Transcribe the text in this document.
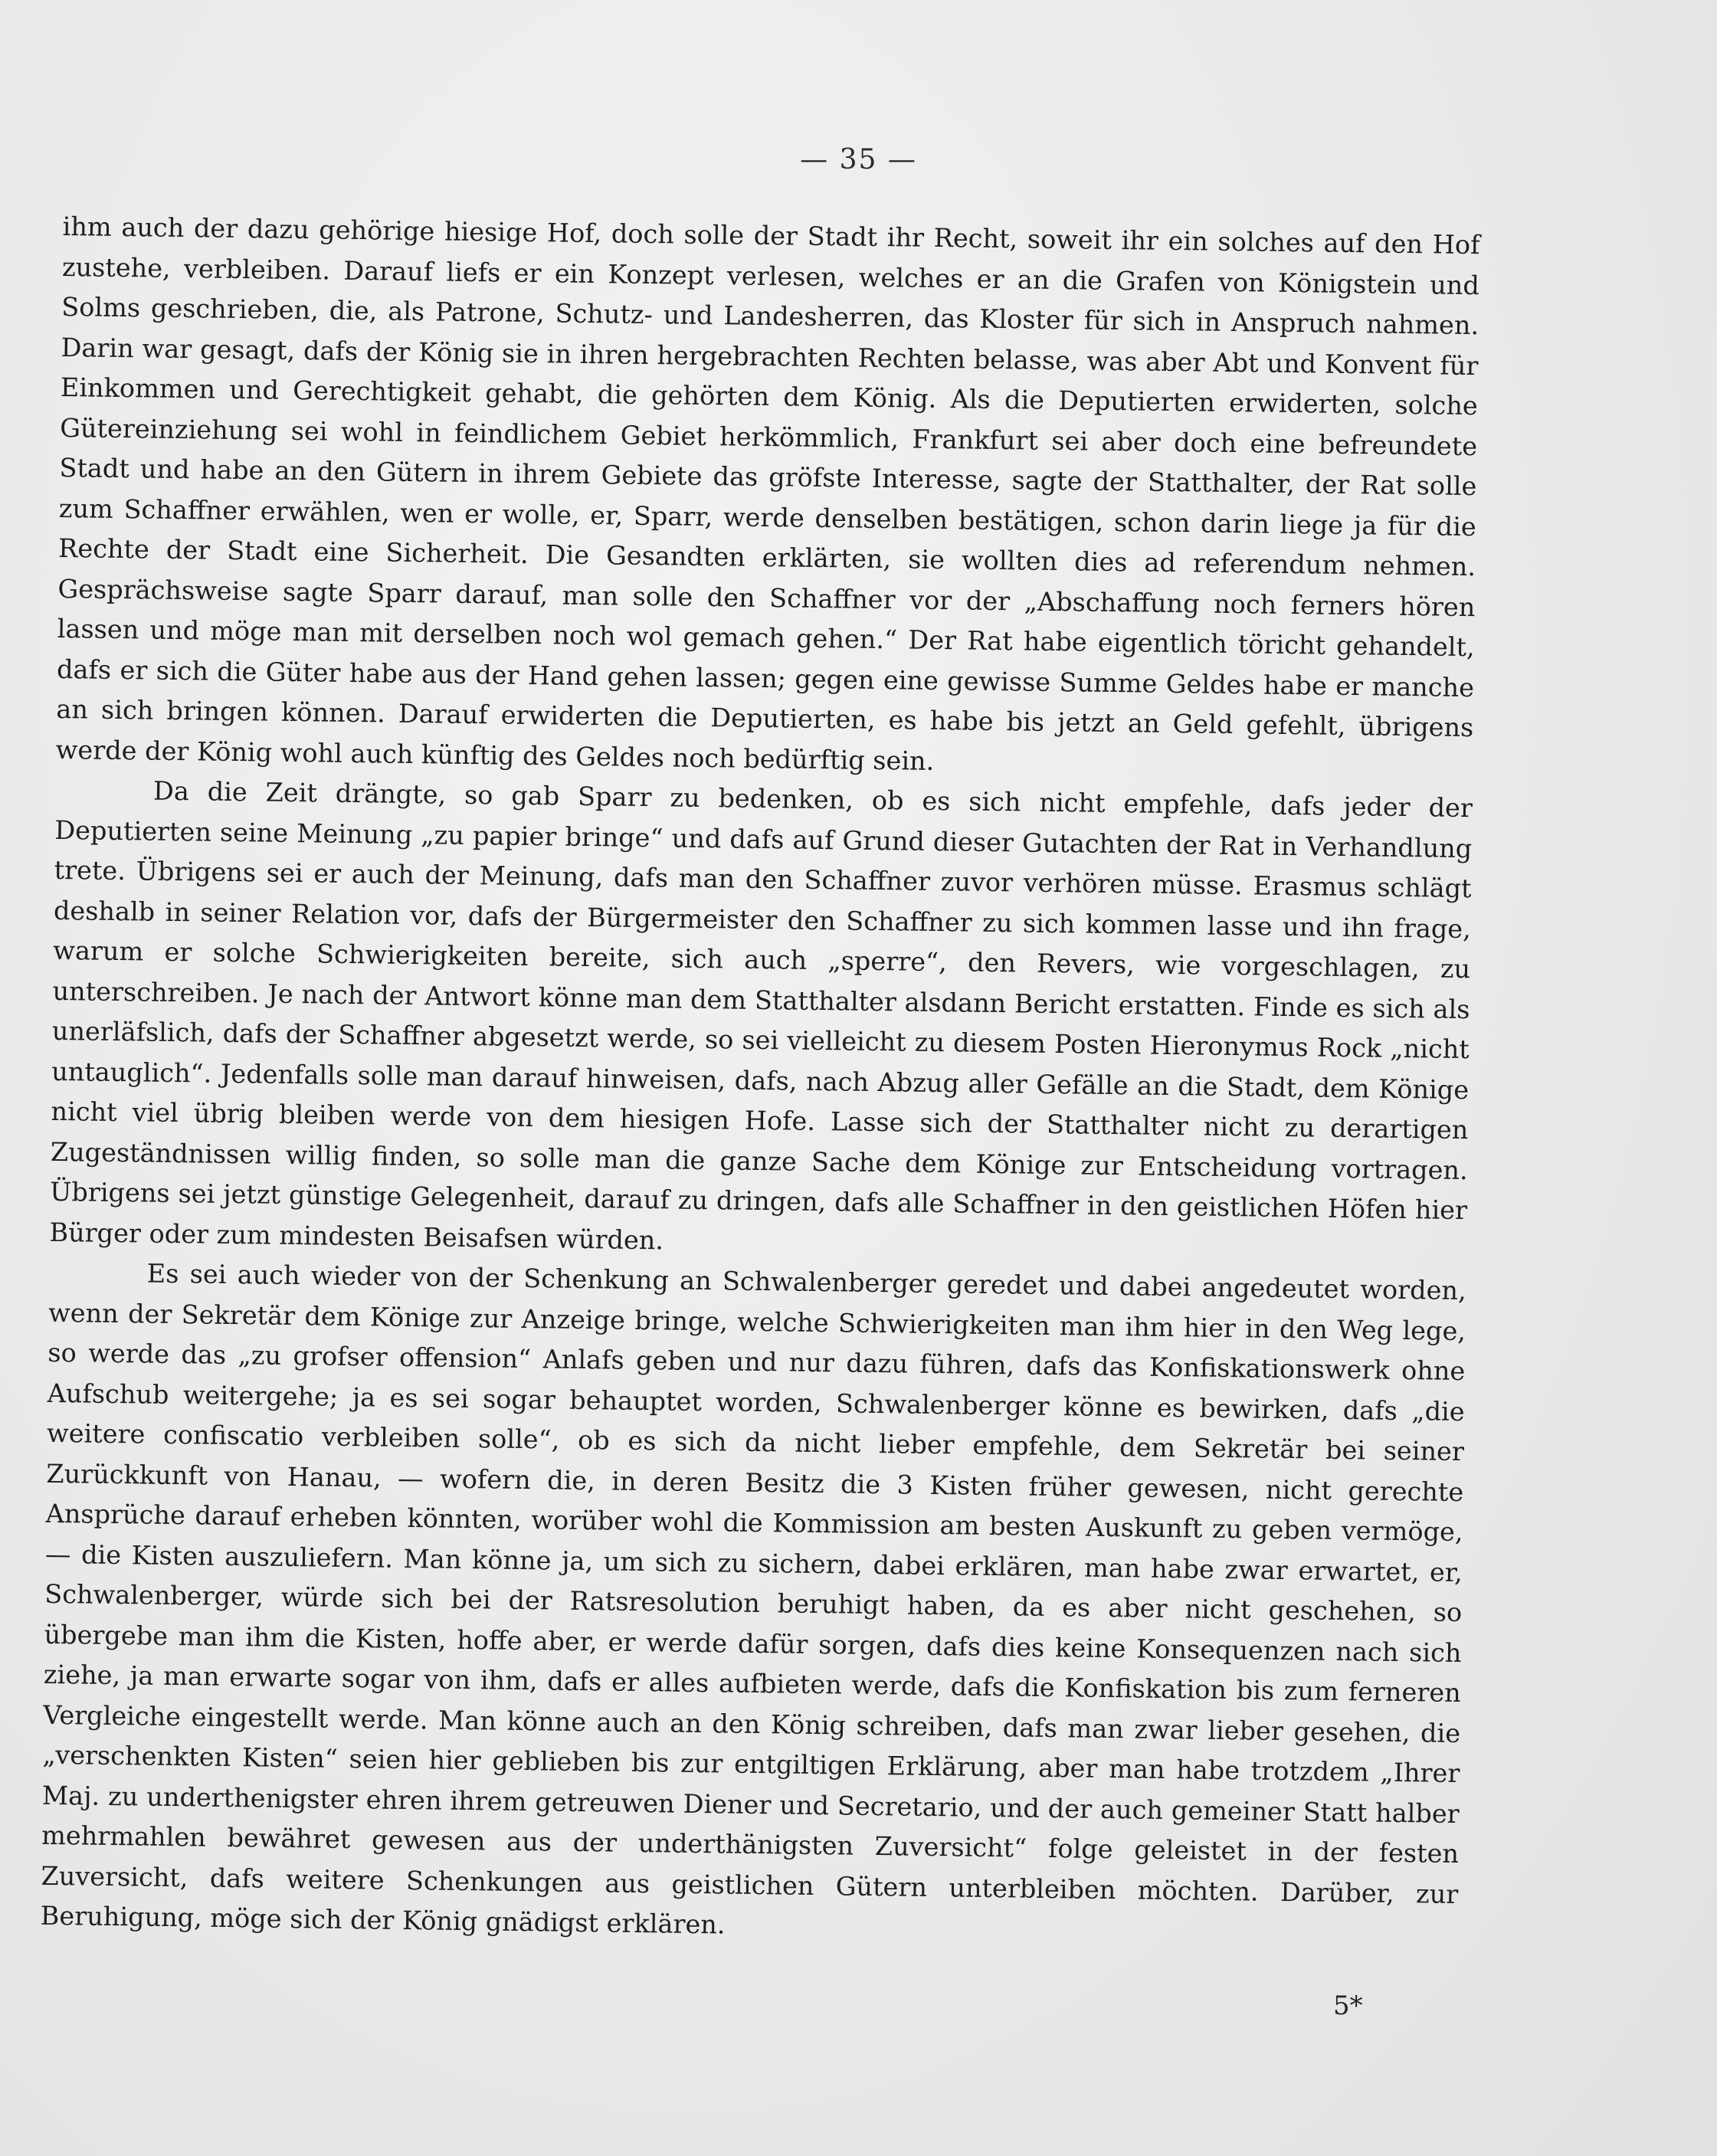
— 35 —

ihm auch der dazu gehörige hiesige Hof, doch solle der Stadt ihr Recht, soweit ihr ein solches auf den Hof zustehe, verbleiben. Darauf liefs er ein Konzept verlesen, welches er an die Grafen von Königstein und Solms geschrieben, die, als Patrone, Schutz- und Landesherren, das Kloster für sich in Anspruch nahmen. Darin war gesagt, dafs der König sie in ihren hergebrachten Rechten belasse, was aber Abt und Konvent für Einkommen und Gerechtigkeit gehabt, die gehörten dem König. Als die Deputierten erwiderten, solche Gütereinziehung sei wohl in feindlichem Gebiet herkömmlich, Frankfurt sei aber doch eine befreundete Stadt und habe an den Gütern in ihrem Gebiete das gröfste Interesse, sagte der Statthalter, der Rat solle zum Schaffner erwählen, wen er wolle, er, Sparr, werde denselben bestätigen, schon darin liege ja für die Rechte der Stadt eine Sicherheit. Die Gesandten erklärten, sie wollten dies ad referendum nehmen. Gesprächsweise sagte Sparr darauf, man solle den Schaffner vor der „Abschaffung noch ferners hören lassen und möge man mit derselben noch wol gemach gehen.“ Der Rat habe eigentlich töricht gehandelt, dafs er sich die Güter habe aus der Hand gehen lassen; gegen eine gewisse Summe Geldes habe er manche an sich bringen können. Darauf erwiderten die Deputierten, es habe bis jetzt an Geld gefehlt, übrigens werde der König wohl auch künftig des Geldes noch bedürftig sein.

Da die Zeit drängte, so gab Sparr zu bedenken, ob es sich nicht empfehle, dafs jeder der Deputierten seine Meinung „zu papier bringe“ und dafs auf Grund dieser Gutachten der Rat in Verhandlung trete. Übrigens sei er auch der Meinung, dafs man den Schaffner zuvor verhören müsse. Erasmus schlägt deshalb in seiner Relation vor, dafs der Bürgermeister den Schaffner zu sich kommen lasse und ihn frage, warum er solche Schwierigkeiten bereite, sich auch „sperre“, den Revers, wie vorgeschlagen, zu unterschreiben. Je nach der Antwort könne man dem Statthalter alsdann Bericht erstatten. Finde es sich als unerläfslich, dafs der Schaffner abgesetzt werde, so sei vielleicht zu diesem Posten Hieronymus Rock „nicht untauglich“. Jedenfalls solle man darauf hinweisen, dafs, nach Abzug aller Gefälle an die Stadt, dem Könige nicht viel übrig bleiben werde von dem hiesigen Hofe. Lasse sich der Statthalter nicht zu derartigen Zugeständnissen willig finden, so solle man die ganze Sache dem Könige zur Entscheidung vortragen. Übrigens sei jetzt günstige Gelegenheit, darauf zu dringen, dafs alle Schaffner in den geistlichen Höfen hier Bürger oder zum mindesten Beisafsen würden.

Es sei auch wieder von der Schenkung an Schwalenberger geredet und dabei angedeutet worden, wenn der Sekretär dem Könige zur Anzeige bringe, welche Schwierigkeiten man ihm hier in den Weg lege, so werde das „zu grofser offension“ Anlafs geben und nur dazu führen, dafs das Konfiskationswerk ohne Aufschub weitergehe; ja es sei sogar behauptet worden, Schwalenberger könne es bewirken, dafs „die weitere confiscatio verbleiben solle“, ob es sich da nicht lieber empfehle, dem Sekretär bei seiner Zurückkunft von Hanau, — wofern die, in deren Besitz die 3 Kisten früher gewesen, nicht gerechte Ansprüche darauf erheben könnten, worüber wohl die Kommission am besten Auskunft zu geben vermöge, — die Kisten auszuliefern. Man könne ja, um sich zu sichern, dabei erklären, man habe zwar erwartet, er, Schwalenberger, würde sich bei der Ratsresolution beruhigt haben, da es aber nicht geschehen, so übergebe man ihm die Kisten, hoffe aber, er werde dafür sorgen, dafs dies keine Konsequenzen nach sich ziehe, ja man erwarte sogar von ihm, dafs er alles aufbieten werde, dafs die Konfiskation bis zum ferneren Vergleiche eingestellt werde. Man könne auch an den König schreiben, dafs man zwar lieber gesehen, die „verschenkten Kisten“ seien hier geblieben bis zur entgiltigen Erklärung, aber man habe trotzdem „Ihrer Maj. zu underthenigster ehren ihrem getreuwen Diener und Secretario, und der auch gemeiner Statt halber mehrmahlen bewähret gewesen aus der underthänigsten Zuversicht“ folge geleistet in der festen Zuversicht, dafs weitere Schenkungen aus geistlichen Gütern unterbleiben möchten. Darüber, zur Beruhigung, möge sich der König gnädigst erklären.

5*
